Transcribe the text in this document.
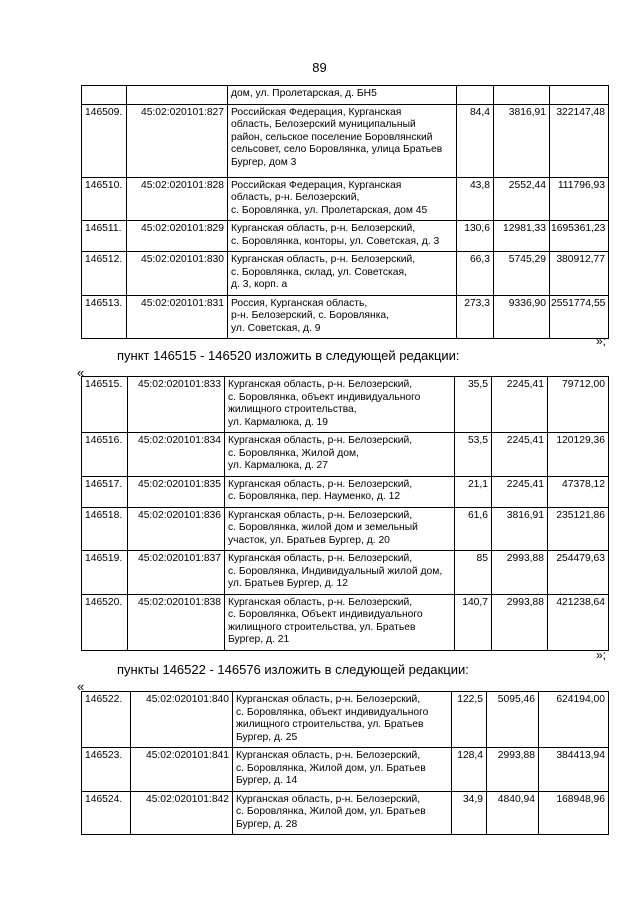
89

		дом, ул. Пролетарская, д. БН5			

146509.	45:02:020101:827	Российская Федерация, Курганская
область, Белозерский муниципальный
район, сельское поселение Боровлянский
сельсовет, село Боровлянка, улица Братьев
Бургер, дом 3	84,4	3816,91	322147,48
146510.	45:02:020101:828	Российская Федерация, Курганская
область, р-н. Белозерский,
с. Боровлянка, ул. Пролетарская, дом 45	43,8	2552,44	111796,93
146511.	45:02:020101:829	Курганская область, р-н. Белозерский,
с. Боровлянка, конторы, ул. Советская, д. 3	130,6	12981,33	1695361,23
146512.	45:02:020101:830	Курганская область, р-н. Белозерский,
с. Боровлянка, склад, ул. Советская,
д. 3, корп. а	66,3	5745,29	380912,77
146513.	45:02:020101:831	Россия, Курганская область,
р-н. Белозерский, с. Боровлянка,
ул. Советская, д. 9	273,3	9336,90	2551774,55
»;
пункт 146515 - 146520 изложить в следующей редакции:
«
146515.	45:02:020101:833	Курганская область, р-н. Белозерский,
с. Боровлянка, объект индивидуального
жилищного строительства,
ул. Кармалюка, д. 19	35,5	2245,41	79712,00
146516.	45:02:020101:834	Курганская область, р-н. Белозерский,
с. Боровлянка, Жилой дом,
ул. Кармалюка, д. 27	53,5	2245,41	120129,36
146517.	45:02:020101:835	Курганская область, р-н. Белозерский,
с. Боровлянка, пер. Науменко, д. 12	21,1	2245,41	47378,12
146518.	45:02:020101:836	Курганская область, р-н. Белозерский,
с. Боровлянка, жилой дом и земельный
участок, ул. Братьев Бургер, д. 20	61,6	3816,91	235121,86
146519.	45:02:020101:837	Курганская область, р-н. Белозерский,
с. Боровлянка, Индивидуальный жилой дом,
ул. Братьев Бургер, д. 12	85	2993,88	254479,63
146520.	45:02:020101:838	Курганская область, р-н. Белозерский,
с. Боровлянка, Объект индивидуального
жилищного строительства, ул. Братьев
Бургер, д. 21	140,7	2993,88	421238,64
»;
пункты 146522 - 146576 изложить в следующей редакции:
«
146522.	45:02:020101:840	Курганская область, р-н. Белозерский,
с. Боровлянка, объект индивидуального
жилищного строительства, ул. Братьев
Бургер, д. 25	122,5	5095,46	624194,00
146523.	45:02:020101:841	Курганская область, р-н. Белозерский,
с. Боровлянка, Жилой дом, ул. Братьев
Бургер, д. 14	128,4	2993,88	384413,94
146524.	45:02:020101:842	Курганская область, р-н. Белозерский,
с. Боровлянка, Жилой дом, ул. Братьев
Бургер, д. 28	34,9	4840,94	168948,96
